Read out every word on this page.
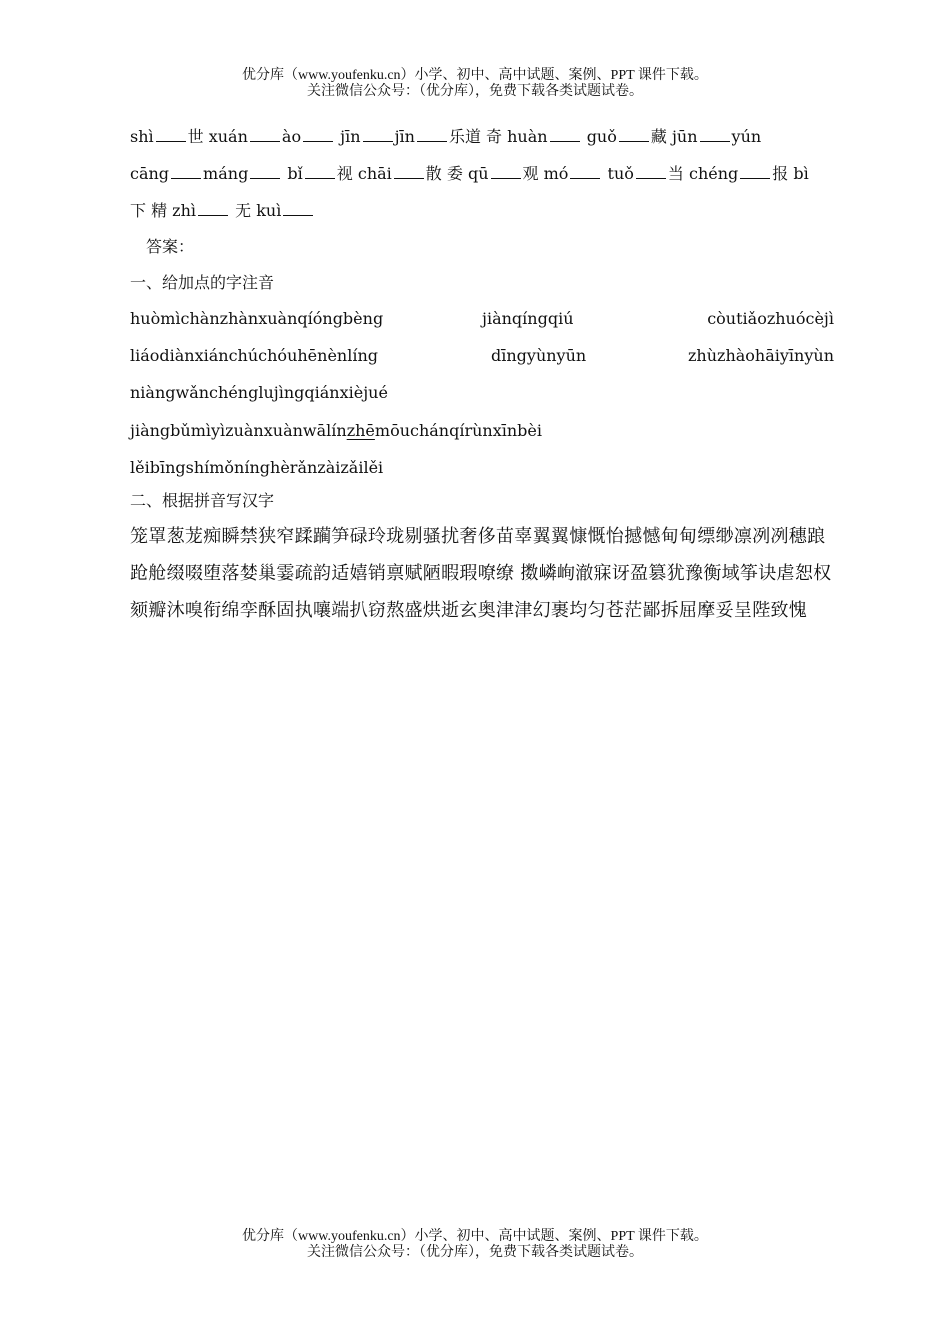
优分库（www.youfenku.cn）小学、初中、高中试题、案例、PPT 课件下载。
关注微信公众号：（优分库），免费下载各类试题试卷。
shì 世 xuán ào jīn jīn 乐道 奇 huàn guǒ 藏 jūn yún
cāng máng bǐ 视 chāi 散 委 qū 观 mó tuǒ 当 chéng 报 bì
下 精 zhì 无 kuì
答案：
一、给加点的字注音
huòmìchànzhànxuànqíóngbèng	jiànqíngqiú	còutiǎozhuócèjì
liáodiànxiánchúchóuhēnènlíng	dīngyùnyūn	zhùzhàohāiyīnyùn
niàngwǎnchénglujìngqiánxièjué
jiàngbǔmìyìzuànxuànwālínzhēmōuchánqírùnxīnbèi
lěibīngshímǒnínghèrǎnzàizǎilěi
二、根据拼音写汉字
笼罩葱茏痴瞬禁狭窄蹂躏笋碌玲珑剔骚扰奢侈苗辜翼翼慷慨怡撼憾甸甸缥缈凛冽冽穗踉跄舱缀啜堕落婪巢霎疏韵适嬉销禀赋陋暇瑕嘹缭 擞嶙峋澈寐讶盈篡犹豫衡域筝诀虐恕权颏瓣沐嗅衔绵孪酥固执嚷端扒窃熬盛烘逝玄奥津津幻裹均匀苍茫鄙拆屈摩妥呈陛致愧
优分库（www.youfenku.cn）小学、初中、高中试题、案例、PPT 课件下载。
关注微信公众号：（优分库），免费下载各类试题试卷。
